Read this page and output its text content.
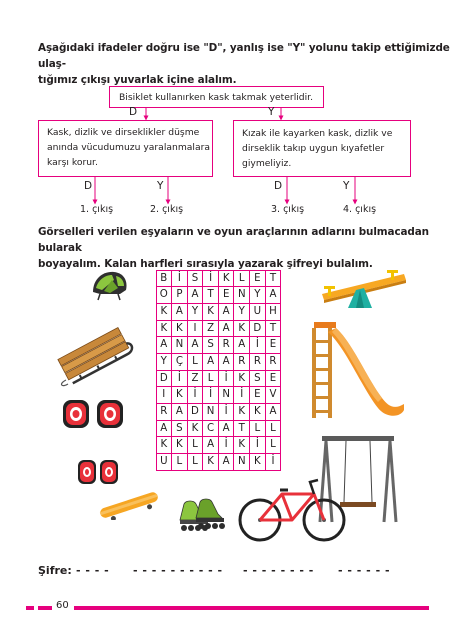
Aşağıdaki ifadeler doğru ise "D", yanlış ise "Y" yolunu takip ettiğimizde ulaş-
tığımız çıkışı yuvarlak içine alalım.
Bisiklet kullanırken kask takmak yeterlidir.
D	Y
Kask, dizlik ve dirseklikler düşme
anında vücudumuzu yaralanmalara
karşı korur.
Kızak ile kayarken kask, dizlik ve
dirseklik takıp uygun kıyafetler
giymeliyiz.
D	Y	D	Y
1. çıkış	2. çıkış	3. çıkış	4. çıkış
Görselleri verilen eşyaların ve oyun araçlarının adlarını bulmacadan bularak
boyayalım. Kalan harfleri sırasıyla yazarak şifreyi bulalım.
B	İ	S	İ	K L E T
O P A T E N Y A
K A Y K A Y U H
K K	I	Z A K D T
A N A S R A	İ	E
Y Ç L A A R R R
D İ	Z L	İ	K S E
I	K	İ	İ	N	İ	E V
R A D N	İ	K K A
A S K C A T L L
K K L A	İ	K	İ	L
U L L K A N K	İ
Şifre: - - - - - - - - - - - - - - - - - - - - - - - - - - - -
60
